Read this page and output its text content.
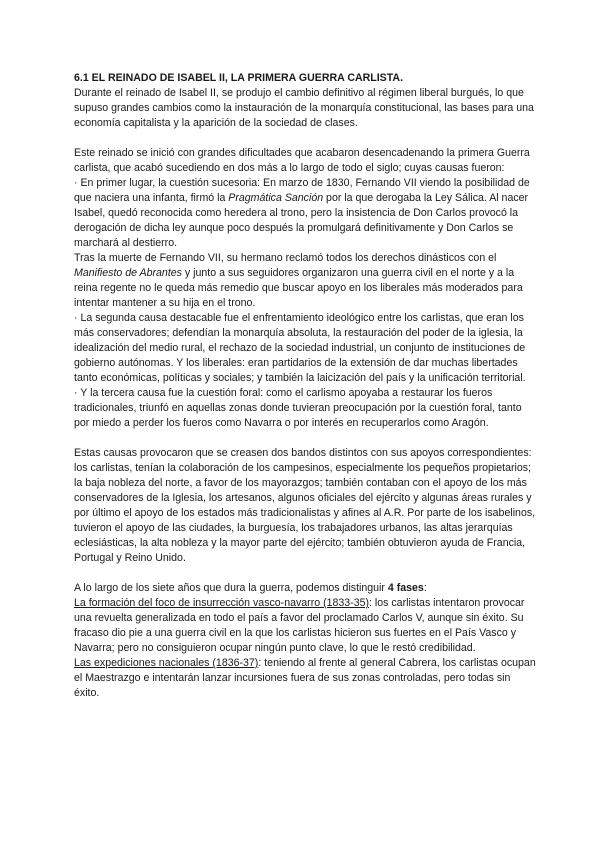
6.1 EL REINADO DE ISABEL II, LA PRIMERA GUERRA CARLISTA.

Durante el reinado de Isabel II, se produjo el cambio definitivo al régimen liberal burgués, lo que supuso grandes cambios como la instauración de la monarquía constitucional, las bases para una economía capitalista y la aparición de la sociedad de clases.

Este reinado se inició con grandes dificultades que acabaron desencadenando la primera Guerra carlista, que acabó sucediendo en dos más a lo largo de todo el siglo; cuyas causas fueron:

· En primer lugar, la cuestión sucesoria: En marzo de 1830, Fernando VII viendo la posibilidad de que naciera una infanta, firmó la Pragmática Sanción por la que derogaba la Ley Sálica. Al nacer Isabel, quedó reconocida como heredera al trono, pero la insistencia de Don Carlos provocó la derogación de dicha ley aunque poco después la promulgará definitivamente y Don Carlos se marchará al destierro.

Tras la muerte de Fernando VII, su hermano reclamó todos los derechos dinásticos con el Manifiesto de Abrantes y junto a sus seguidores organizaron una guerra civil en el norte y a la reina regente no le queda más remedio que buscar apoyo en los liberales más moderados para intentar mantener a su hija en el trono.

· La segunda causa destacable fue el enfrentamiento ideológico entre los carlistas, que eran los más conservadores; defendían la monarquía absoluta, la restauración del poder de la iglesia, la idealización del medio rural, el rechazo de la sociedad industrial, un conjunto de instituciones de gobierno autónomas. Y los liberales: eran partidarios de la extensión de dar muchas libertades tanto económicas, políticas y sociales; y también la laicización del país y la unificación territorial.

· Y la tercera causa fue la cuestión foral: como el carlismo apoyaba a restaurar los fueros tradicionales, triunfó en aquellas zonas donde tuvieran preocupación por la cuestión foral, tanto por miedo a perder los fueros como Navarra o por interés en recuperarlos como Aragón.

Estas causas provocaron que se creasen dos bandos distintos con sus apoyos correspondientes: los carlistas, tenían la colaboración de los campesinos, especialmente los pequeños propietarios; la baja nobleza del norte, a favor de los mayorazgos; también contaban con el apoyo de los más conservadores de la Iglesia, los artesanos, algunos oficiales del ejército y algunas áreas rurales y por último el apoyo de los estados más tradicionalistas y afines al A.R. Por parte de los isabelinos, tuvieron el apoyo de las ciudades, la burguesía, los trabajadores urbanos, las altas jerarquías eclesiásticas, la alta nobleza y la mayor parte del ejército; también obtuvieron ayuda de Francia, Portugal y Reino Unido.

A lo largo de los siete años que dura la guerra, podemos distinguir 4 fases:

La formación del foco de insurrección vasco-navarro (1833-35): los carlistas intentaron provocar una revuelta generalizada en todo el país a favor del proclamado Carlos V, aunque sin éxito. Su fracaso dio pie a una guerra civil en la que los carlistas hicieron sus fuertes en el País Vasco y Navarra; pero no consiguieron ocupar ningún punto clave, lo que le restó credibilidad.

Las expediciones nacionales (1836-37): teniendo al frente al general Cabrera, los carlistas ocupan el Maestrazgo e intentarán lanzar incursiones fuera de sus zonas controladas, pero todas sin éxito.
